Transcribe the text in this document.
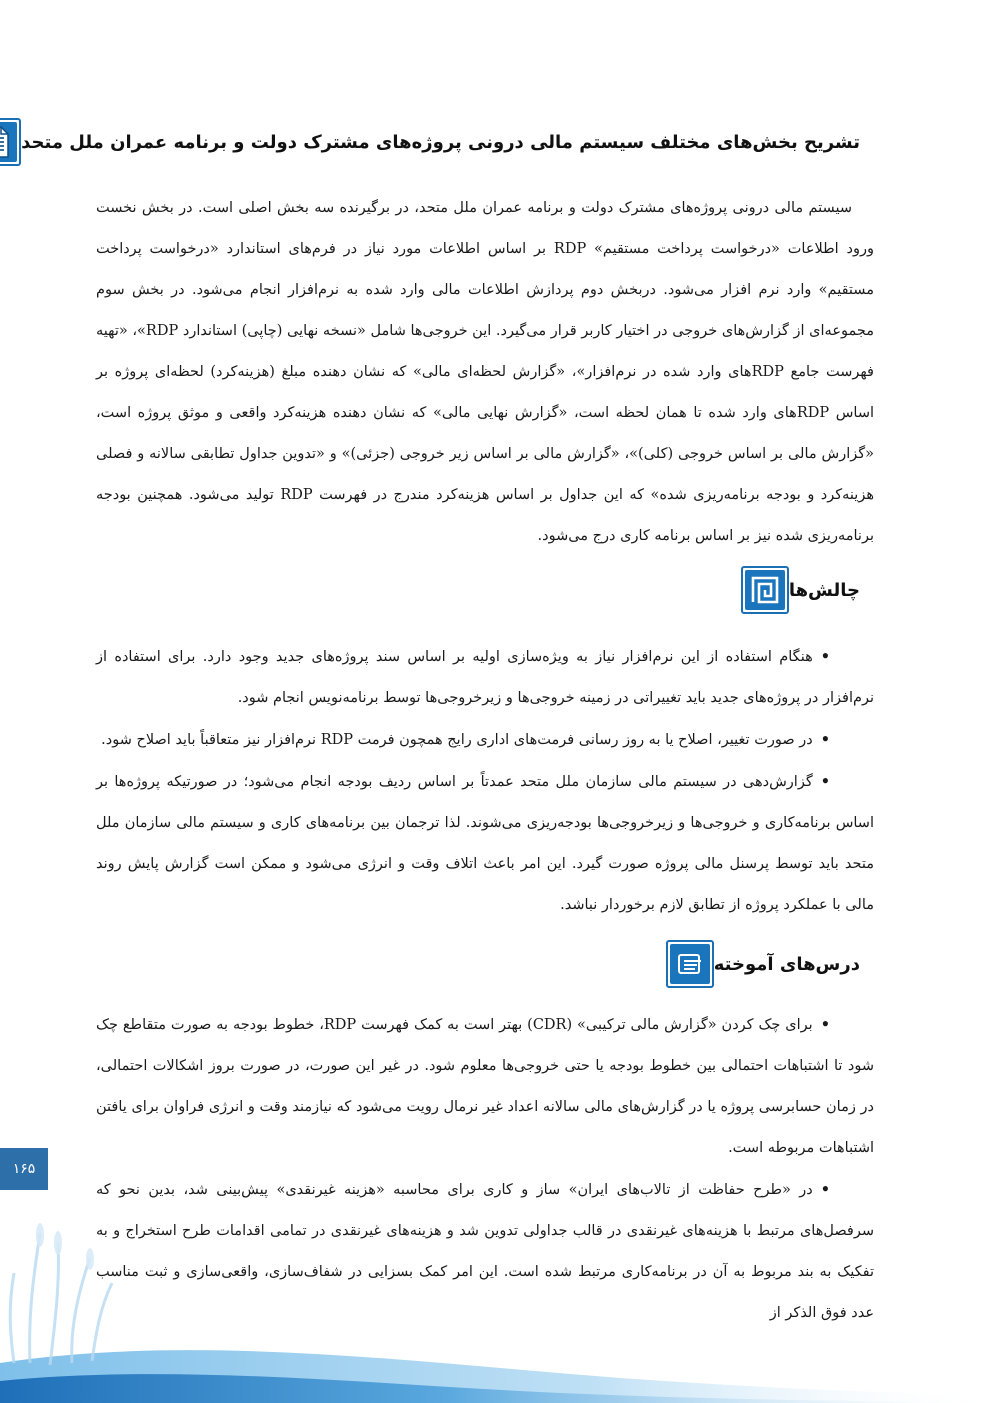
تشریح بخش‌های مختلف سیستم مالی درونی پروژه‌های مشترک دولت و برنامه عمران ملل متحد

سیستم مالی درونی پروژه‌های مشترک دولت و برنامه عمران ملل متحد، در برگیرنده سه بخش اصلی است. در بخش نخست ورود اطلاعات «درخواست پرداخت مستقیم» RDP بر اساس اطلاعات مورد نیاز در فرم‌های استاندارد «درخواست پرداخت مستقیم» وارد نرم افزار می‌شود. دربخش دوم پردازش اطلاعات مالی وارد شده به نرم‌افزار انجام می‌شود. در بخش سوم مجموعه‌ای از گزارش‌های خروجی در اختیار کاربر قرار می‌گیرد. این خروجی‌ها شامل «نسخه نهایی (چاپی) استاندارد RDP»، «تهیه فهرست جامع RDPهای وارد شده در نرم‌افزار»، «گزارش لحظه‌ای مالی» که نشان دهنده مبلغ (هزینه‌کرد) لحظه‌ای پروژه بر اساس RDPهای وارد شده تا همان لحظه است، «گزارش نهایی مالی» که نشان دهنده هزینه‌کرد واقعی و موثق پروژه است، «گزارش مالی بر اساس خروجی (کلی)»، «گزارش مالی بر اساس زیر خروجی (جزئی)» و «تدوین جداول تطابقی سالانه و فصلی هزینه‌کرد و بودجه برنامه‌ریزی شده» که این جداول بر اساس هزینه‌کرد مندرج در فهرست RDP تولید می‌شود. همچنین بودجه برنامه‌ریزی شده نیز بر اساس برنامه کاری درج می‌شود.

چالش‌ها

•هنگام استفاده از این نرم‌افزار نیاز به ویژه‌سازی اولیه بر اساس سند پروژه‌های جدید وجود دارد. برای استفاده از نرم‌افزار در پروژه‌های جدید باید تغییراتی در زمینه خروجی‌ها و زیرخروجی‌ها توسط برنامه‌نویس انجام شود.

•در صورت تغییر، اصلاح یا به روز رسانی فرمت‌های اداری رایج همچون فرمت RDP نرم‌افزار نیز متعاقباً باید اصلاح شود.

•گزارش‌دهی در سیستم مالی سازمان ملل متحد عمدتاً بر اساس ردیف بودجه انجام می‌شود؛ در صورتیکه پروژه‌ها بر اساس برنامه‌کاری و خروجی‌ها و زیرخروجی‌ها بودجه‌ریزی می‌شوند. لذا ترجمان بین برنامه‌های کاری و سیستم مالی سازمان ملل متحد باید توسط پرسنل مالی پروژه صورت گیرد. این امر باعث اتلاف وقت و انرژی می‌شود و ممکن است گزارش پایش روند مالی با عملکرد پروژه از تطابق لازم برخوردار نباشد.

درس‌های آموخته

•برای چک کردن «گزارش مالی ترکیبی» (CDR) بهتر است به کمک فهرست RDP، خطوط بودجه به صورت متقاطع چک شود تا اشتباهات احتمالی بین خطوط بودجه یا حتی خروجی‌ها معلوم شود. در غیر این صورت، در صورت بروز اشکالات احتمالی، در زمان حسابرسی پروژه یا در گزارش‌های مالی سالانه اعداد غیر نرمال رویت می‌شود که نیازمند وقت و انرژی فراوان برای یافتن اشتباهات مربوطه است.

•در «طرح حفاظت از تالاب‌های ایران» ساز و کاری برای محاسبه «هزینه غیرنقدی» پیش‌بینی شد، بدین نحو که سرفصل‌های مرتبط با هزینه‌های غیرنقدی در قالب جداولی تدوین شد و هزینه‌های غیرنقدی در تمامی اقدامات طرح استخراج و به تفکیک به بند مربوط به آن در برنامه‌کاری مرتبط شده است. این امر کمک بسزایی در شفاف‌سازی، واقعی‌سازی و ثبت مناسب عدد فوق الذکر از

۱۶۵
